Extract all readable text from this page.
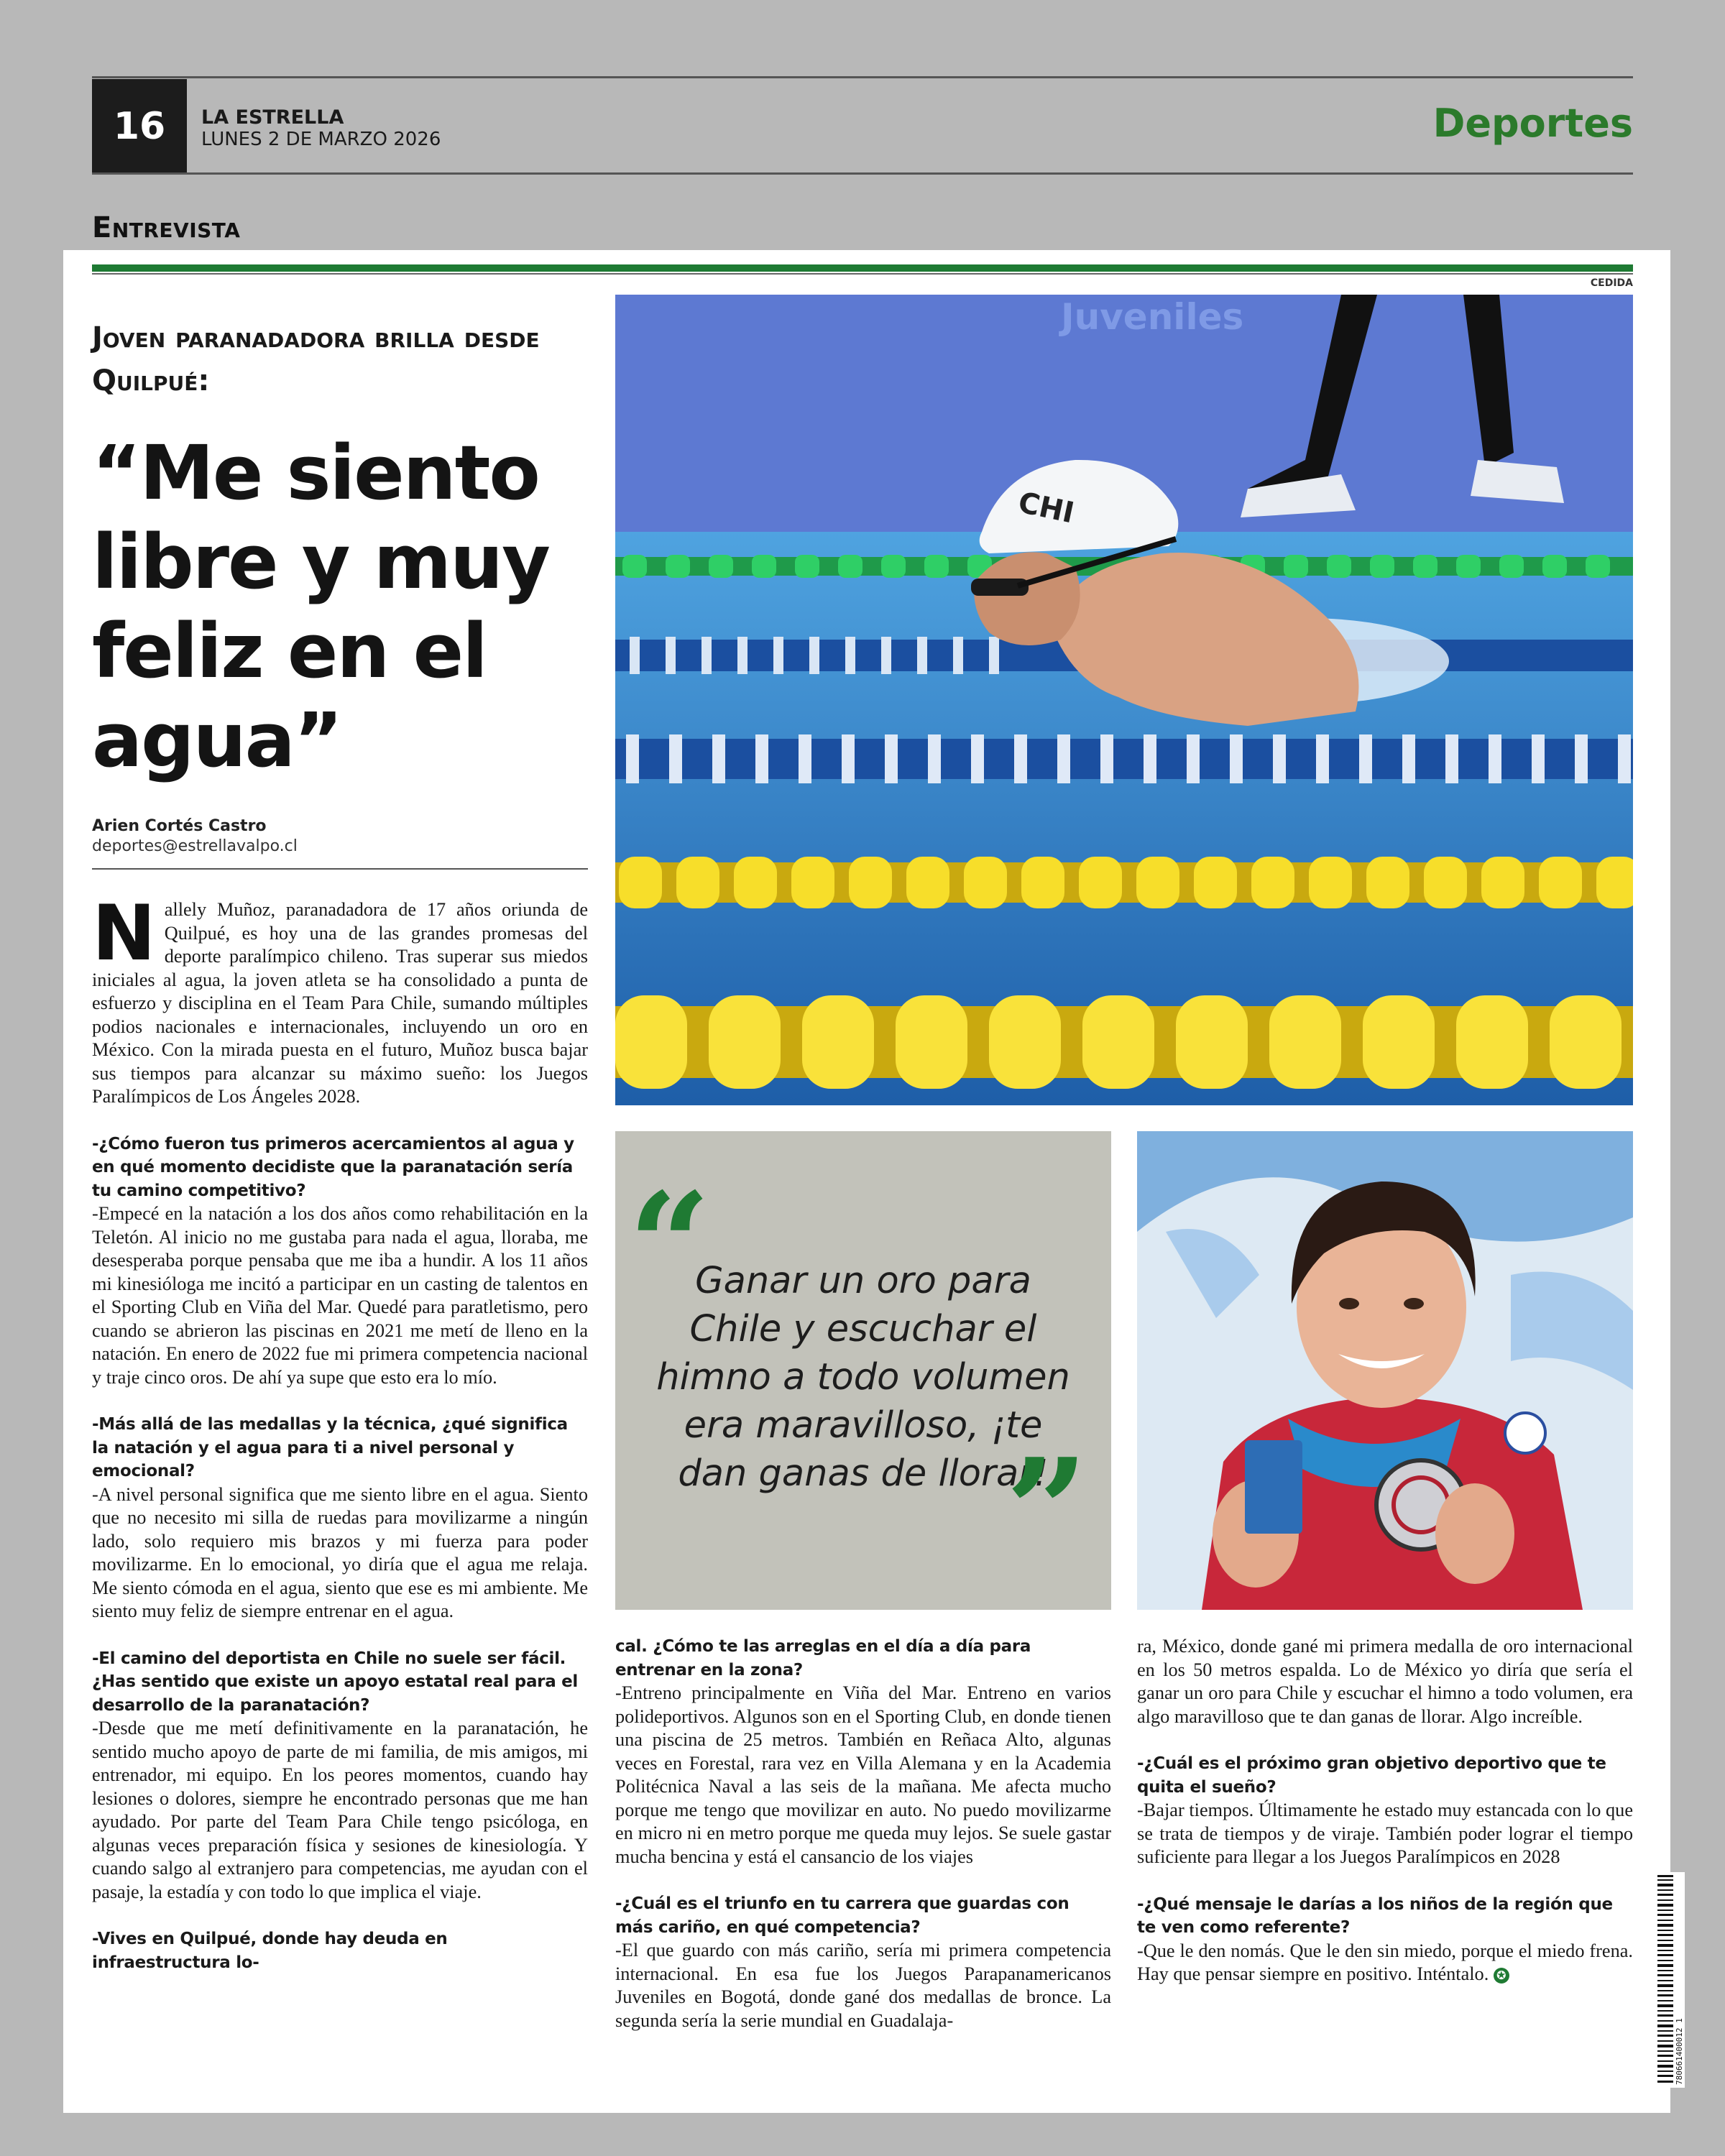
16	LA ESTRELLA
LUNES 2 DE MARZO 2026	Deportes
Entrevista
CEDIDA
Joven paranadadora brilla desde Quilpué:
“Me siento libre y muy feliz en el agua”
Arien Cortés Castro
deportes@estrellavalpo.cl
Juveniles
CHI
“
Ganar un oro para Chile y escuchar el himno a todo volumen era maravilloso, ¡te dan ganas de llorar!
”

Nallely Muñoz, paranadadora de 17 años oriunda de Quilpué, es hoy una de las grandes promesas del deporte paralímpico chileno. Tras superar sus miedos iniciales al agua, la joven atleta se ha consolidado a punta de esfuerzo y disciplina en el Team Para Chile, sumando múltiples podios nacionales e internacionales, incluyendo un oro en México. Con la mirada puesta en el futuro, Muñoz busca bajar sus tiempos para alcanzar su máximo sueño: los Juegos Paralímpicos de Los Ángeles 2028.

-¿Cómo fueron tus primeros acercamientos al agua y en qué momento decidiste que la paranatación sería tu camino competitivo?

-Empecé en la natación a los dos años como rehabilitación en la Teletón. Al inicio no me gustaba para nada el agua, lloraba, me desesperaba porque pensaba que me iba a hundir. A los 11 años mi kinesióloga me incitó a participar en un casting de talentos en el Sporting Club en Viña del Mar. Quedé para paratletismo, pero cuando se abrieron las piscinas en 2021 me metí de lleno en la natación. En enero de 2022 fue mi primera competencia nacional y traje cinco oros. De ahí ya supe que esto era lo mío.

-Más allá de las medallas y la técnica, ¿qué significa la natación y el agua para ti a nivel personal y emocional?

-A nivel personal significa que me siento libre en el agua. Siento que no necesito mi silla de ruedas para movilizarme a ningún lado, solo requiero mis brazos y mi fuerza para poder movilizarme. En lo emocional, yo diría que el agua me relaja. Me siento cómoda en el agua, siento que ese es mi ambiente. Me siento muy feliz de siempre entrenar en el agua.

-El camino del deportista en Chile no suele ser fácil. ¿Has sentido que existe un apoyo estatal real para el desarrollo de la paranatación?

-Desde que me metí definitivamente en la paranatación, he sentido mucho apoyo de parte de mi familia, de mis amigos, mi entrenador, mi equipo. En los peores momentos, cuando hay lesiones o dolores, siempre he encontrado personas que me han ayudado. Por parte del Team Para Chile tengo psicóloga, en algunas veces preparación física y sesiones de kinesiología. Y cuando salgo al extranjero para competencias, me ayudan con el pasaje, la estadía y con todo lo que implica el viaje.

-Vives en Quilpué, donde hay deuda en infraestructura lo-

cal. ¿Cómo te las arreglas en el día a día para entrenar en la zona?

-Entreno principalmente en Viña del Mar. Entreno en varios polideportivos. Algunos son en el Sporting Club, en donde tienen una piscina de 25 metros. También en Reñaca Alto, algunas veces en Forestal, rara vez en Villa Alemana y en la Academia Politécnica Naval a las seis de la mañana. Me afecta mucho porque me tengo que movilizar en auto. No puedo movilizarme en micro ni en metro porque me queda muy lejos. Se suele gastar mucha bencina y está el cansancio de los viajes

-¿Cuál es el triunfo en tu carrera que guardas con más cariño, en qué competencia?

-El que guardo con más cariño, sería mi primera competencia internacional. En esa fue los Juegos Parapanamericanos Juveniles en Bogotá, donde gané dos medallas de bronce. La segunda sería la serie mundial en Guadalaja-

ra, México, donde gané mi primera medalla de oro internacional en los 50 metros espalda. Lo de México yo diría que sería el ganar un oro para Chile y escuchar el himno a todo volumen, era algo maravilloso que te dan ganas de llorar. Algo increíble.

-¿Cuál es el próximo gran objetivo deportivo que te quita el sueño?

-Bajar tiempos. Últimamente he estado muy estancada con lo que se trata de tiempos y de viraje. También poder lograr el tiempo suficiente para llegar a los Juegos Paralímpicos en 2028

-¿Qué mensaje le darías a los niños de la región que te ven como referente?

-Que le den nomás. Que le den sin miedo, porque el miedo frena. Hay que pensar siempre en positivo. Inténtalo. ✪

780661400012 1
